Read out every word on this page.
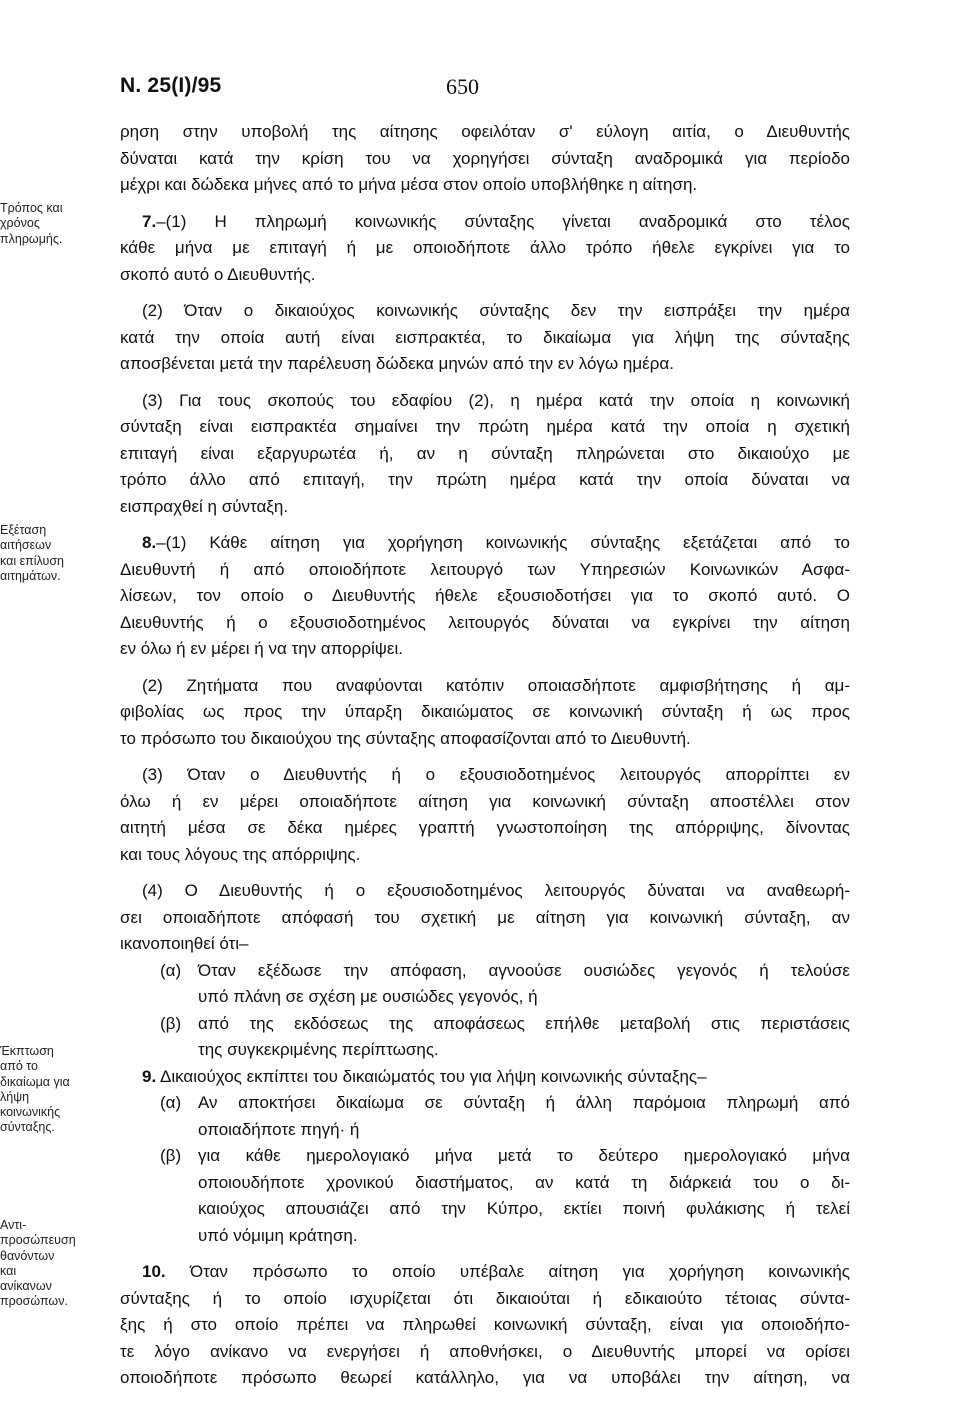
Ν. 25(Ι)/95	650
Τρόπος και
χρόνος
πληρωμής.
Εξέταση
αιτήσεων
και επίλυση
αιτημάτων.
Έκπτωση
από το
δικαίωμα για
λήψη
κοινωνικής
σύνταξης.
Αντι-
προσώπευση
θανόντων
και
ανίκανων
προσώπων.
ρηση στην υποβολή της αίτησης οφειλόταν σ' εύλογη αιτία, ο Διευθυντής
δύναται κατά την κρίση του να χορηγήσει σύνταξη αναδρομικά για περίοδο
μέχρι και δώδεκα μήνες από το μήνα μέσα στον οποίο υποβλήθηκε η αίτηση.
7.–(1) Η πληρωμή κοινωνικής σύνταξης γίνεται αναδρομικά στο τέλος
κάθε μήνα με επιταγή ή με οποιοδήποτε άλλο τρόπο ήθελε εγκρίνει για το
σκοπό αυτό ο Διευθυντής.
(2) Όταν ο δικαιούχος κοινωνικής σύνταξης δεν την εισπράξει την ημέρα
κατά την οποία αυτή είναι εισπρακτέα, το δικαίωμα για λήψη της σύνταξης
αποσβένεται μετά την παρέλευση δώδεκα μηνών από την εν λόγω ημέρα.
(3) Για τους σκοπούς του εδαφίου (2), η ημέρα κατά την οποία η κοινωνική
σύνταξη είναι εισπρακτέα σημαίνει την πρώτη ημέρα κατά την οποία η σχετική
επιταγή είναι εξαργυρωτέα ή, αν η σύνταξη πληρώνεται στο δικαιούχο με
τρόπο άλλο από επιταγή, την πρώτη ημέρα κατά την οποία δύναται να
εισπραχθεί η σύνταξη.
8.–(1) Κάθε αίτηση για χορήγηση κοινωνικής σύνταξης εξετάζεται από το
Διευθυντή ή από οποιοδήποτε λειτουργό των Υπηρεσιών Κοινωνικών Ασφα-
λίσεων, τον οποίο ο Διευθυντής ήθελε εξουσιοδοτήσει για το σκοπό αυτό. Ο
Διευθυντής ή ο εξουσιοδοτημένος λειτουργός δύναται να εγκρίνει την αίτηση
εν όλω ή εν μέρει ή να την απορρίψει.
(2) Ζητήματα που αναφύονται κατόπιν οποιασδήποτε αμφισβήτησης ή αμ-
φιβολίας ως προς την ύπαρξη δικαιώματος σε κοινωνική σύνταξη ή ως προς
το πρόσωπο του δικαιούχου της σύνταξης αποφασίζονται από το Διευθυντή.
(3) Όταν ο Διευθυντής ή ο εξουσιοδοτημένος λειτουργός απορρίπτει εν
όλω ή εν μέρει οποιαδήποτε αίτηση για κοινωνική σύνταξη αποστέλλει στον
αιτητή μέσα σε δέκα ημέρες γραπτή γνωστοποίηση της απόρριψης, δίνοντας
και τους λόγους της απόρριψης.
(4) Ο Διευθυντής ή ο εξουσιοδοτημένος λειτουργός δύναται να αναθεωρή-
σει οποιαδήποτε απόφασή του σχετική με αίτηση για κοινωνική σύνταξη, αν
ικανοποιηθεί ότι–
(α) Όταν εξέδωσε την απόφαση, αγνοούσε ουσιώδες γεγονός ή τελούσε
υπό πλάνη σε σχέση με ουσιώδες γεγονός, ή
(β) από της εκδόσεως της αποφάσεως επήλθε μεταβολή στις περιστάσεις
της συγκεκριμένης περίπτωσης.
9. Δικαιούχος εκπίπτει του δικαιώματός του για λήψη κοινωνικής σύνταξης–
(α) Αν αποκτήσει δικαίωμα σε σύνταξη ή άλλη παρόμοια πληρωμή από
οποιαδήποτε πηγή· ή
(β) για κάθε ημερολογιακό μήνα μετά το δεύτερο ημερολογιακό μήνα
οποιουδήποτε χρονικού διαστήματος, αν κατά τη διάρκειά του ο δι-
καιούχος απουσιάζει από την Κύπρο, εκτίει ποινή φυλάκισης ή τελεί
υπό νόμιμη κράτηση.
10. Όταν πρόσωπο το οποίο υπέβαλε αίτηση για χορήγηση κοινωνικής
σύνταξης ή το οποίο ισχυρίζεται ότι δικαιούται ή εδικαιούτο τέτοιας σύντα-
ξης ή στο οποίο πρέπει να πληρωθεί κοινωνική σύνταξη, είναι για οποιοδήπο-
τε λόγο ανίκανο να ενεργήσει ή αποθνήσκει, ο Διευθυντής μπορεί να ορίσει
οποιοδήποτε πρόσωπο θεωρεί κατάλληλο, για να υποβάλει την αίτηση, να
